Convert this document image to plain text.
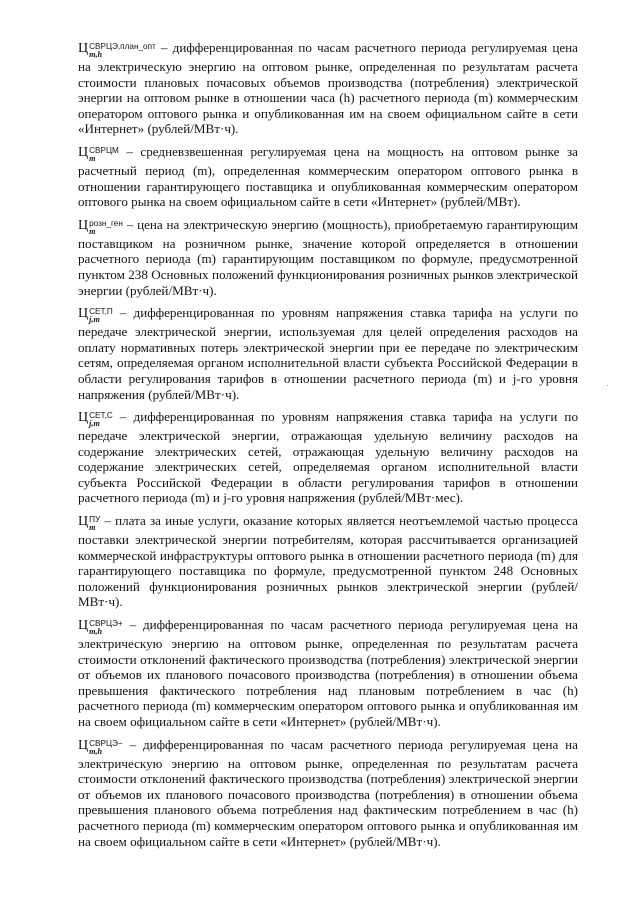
Ц СВРЦЭ,план_опт
m,h	– дифференцированная по часам расчетного периода регулируемая цена на электрическую энергию на оптовом рынке, определенная по результатам расчета стоимости плановых почасовых объемов производства (потребления) электрической энергии на оптовом рынке в отношении часа (h) расчетного периода (m) коммерческим оператором оптового рынка и опубликованная им на своем официальном сайте в сети «Интернет» (рублей/МВт·ч).

Ц СВРЦМ
m	– средневзвешенная регулируемая цена на мощность на оптовом рынке за расчетный период (m), определенная коммерческим оператором оптового рынка в отношении гарантирующего поставщика и опубликованная коммерческим оператором оптового рынка на своем официальном сайте в сети «Интернет» (рублей/МВт).

Ц розн_ген
m	– цена на электрическую энергию (мощность), приобретаемую гарантирующим поставщиком на розничном рынке, значение которой определяется в отношении расчетного периода (m) гарантирующим поставщиком по формуле, предусмотренной пунктом 238 Основных положений функционирования розничных рынков электрической энергии (рублей/МВт·ч).

Ц СЕТ,П
j,m – дифференцированная по уровням напряжения ставка тарифа на услуги по передаче электрической энергии, используемая для целей определения расходов на оплату нормативных потерь электрической энергии при ее передаче по электрическим сетям, определяемая органом исполнительной власти субъекта Российской Федерации в области регулирования тарифов в отношении расчетного периода (m) и j-го уровня напряжения (рублей/МВт·ч).

Ц СЕТ,С
j,m – дифференцированная по уровням напряжения ставка тарифа на услуги по передаче электрической энергии, отражающая удельную величину расходов на содержание электрических сетей, отражающая удельную величину расходов на содержание электрических сетей, определяемая органом исполнительной власти субъекта Российской Федерации в области регулирования тарифов в отношении расчетного периода (m) и j-го уровня напряжения (рублей/МВт·мес).

Ц ПУ
m – плата за иные услуги, оказание которых является неотъемлемой частью процесса поставки электрической энергии потребителям, которая рассчитывается организацией коммерческой инфраструктуры оптового рынка в отношении расчетного периода (m) для гарантирующего поставщика по формуле, предусмотренной пунктом 248 Основных положений функционирования розничных рынков электрической энергии (рублей/МВт·ч).

Ц СВРЦЭ+
m,h	– дифференцированная по часам расчетного периода регулируемая цена на электрическую энергию на оптовом рынке, определенная по результатам расчета стоимости отклонений фактического производства (потребления) электрической энергии от объемов их планового почасового производства (потребления) в отношении объема превышения фактического потребления над плановым потреблением в час (h) расчетного периода (m) коммерческим оператором оптового рынка и опубликованная им на своем официальном сайте в сети «Интернет» (рублей/МВт·ч).

Ц СВРЦЭ−
m,h	– дифференцированная по часам расчетного периода регулируемая цена на электрическую энергию на оптовом рынке, определенная по результатам расчета стоимости отклонений фактического производства (потребления) электрической энергии от объемов их планового почасового производства (потребления) в отношении объема превышения планового объема потребления над фактическим потреблением в час (h) расчетного периода (m) коммерческим оператором оптового рынка и опубликованная им на своем официальном сайте в сети «Интернет» (рублей/МВт·ч).
